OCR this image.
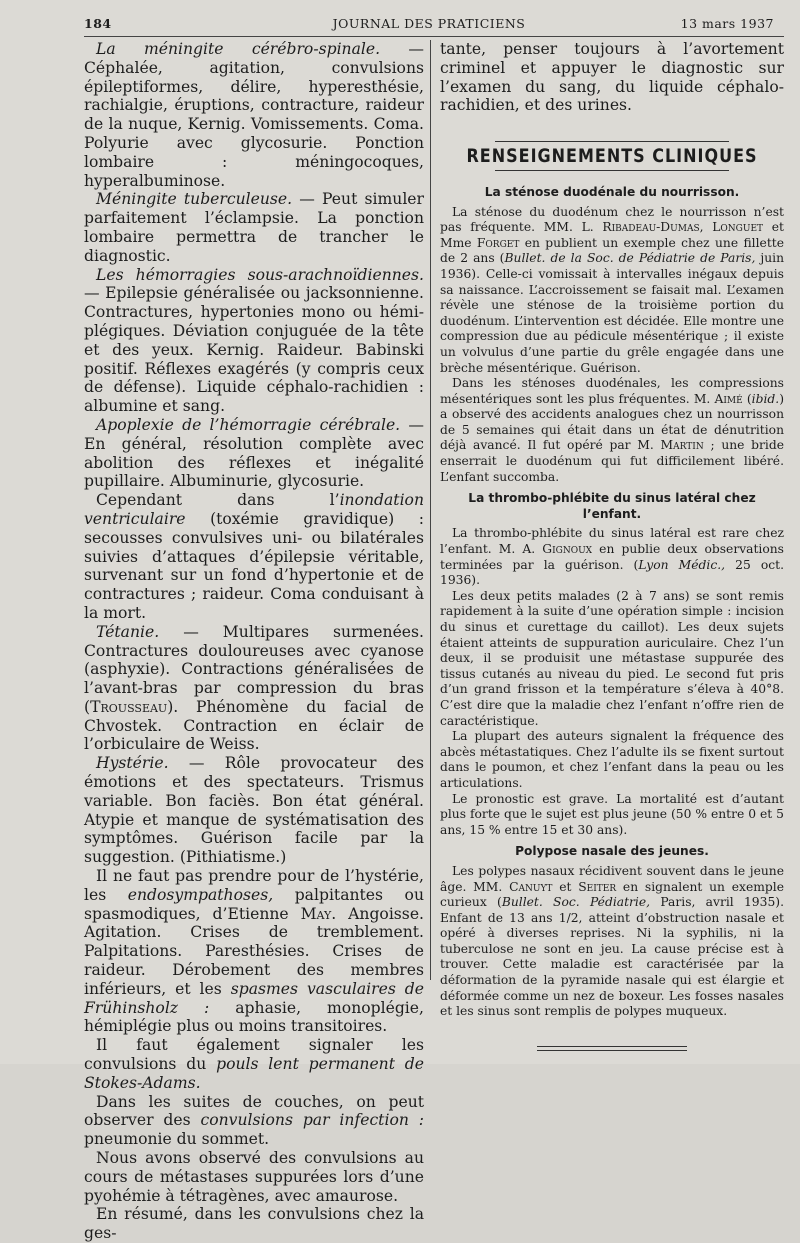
184	JOURNAL DES PRATICIENS	13 mars 1937

La méningite cérébro-spinale. — Céphalée, agitation, convulsions épileptiformes, délire, hyperesthésie, rachialgie, éruptions, contracture, raideur de la nuque, Kernig. Vomissements. Coma. Polyurie avec glycosurie. Ponction lombaire : méningocoques, hyperalbuminose.

Méningite tuberculeuse. — Peut simuler parfaitement l’éclampsie. La ponction lombaire permettra de trancher le diagnostic.

Les hémorragies sous-arachnoïdiennes. — Epilepsie généralisée ou jacksonnienne. Contractures, hypertonies mono ou hémi-plégiques. Déviation conjuguée de la tête et des yeux. Kernig. Raideur. Babinski positif. Réflexes exagérés (y compris ceux de défense). Liquide céphalo-rachidien : albumine et sang.

Apoplexie de l’hémorragie cérébrale. — En général, résolution complète avec abolition des réflexes et inégalité pupillaire. Albuminurie, glycosurie.

Cependant dans l’inondation ventriculaire (toxémie gravidique) : secousses convulsives uni- ou bilatérales suivies d’attaques d’épilepsie véritable, survenant sur un fond d’hypertonie et de contractures ; raideur. Coma conduisant à la mort.

Tétanie. — Multipares surmenées. Contractures douloureuses avec cyanose (asphyxie). Contractions généralisées de l’avant-bras par compression du bras (Trousseau). Phénomène du facial de Chvostek. Contraction en éclair de l’orbiculaire de Weiss.

Hystérie. — Rôle provocateur des émotions et des spectateurs. Trismus variable. Bon faciès. Bon état général. Atypie et manque de systématisation des symptômes. Guérison facile par la suggestion. (Pithiatisme.)

Il ne faut pas prendre pour de l’hystérie, les endosympathoses, palpitantes ou spasmodiques, d’Etienne May. Angoisse. Agitation. Crises de tremblement. Palpitations. Paresthésies. Crises de raideur. Dérobement des membres inférieurs, et les spasmes vasculaires de Frühinsholz : aphasie, monoplégie, hémiplégie plus ou moins transitoires.

Il faut également signaler les convulsions du pouls lent permanent de Stokes-Adams.

Dans les suites de couches, on peut observer des convulsions par infection : pneumonie du sommet.

Nous avons observé des convulsions au cours de métastases suppurées lors d’une pyohémie à tétragènes, avec amaurose.

En résumé, dans les convulsions chez la ges-

tante, penser toujours à l’avortement criminel et appuyer le diagnostic sur l’examen du sang, du liquide céphalo-rachidien, et des urines.

RENSEIGNEMENTS CLINIQUES
La sténose duodénale du nourrisson.

La sténose du duodénum chez le nourrisson n’est pas fréquente. MM. L. Ribadeau-Dumas, Longuet et Mme Forget en publient un exemple chez une fillette de 2 ans (Bullet. de la Soc. de Pédiatrie de Paris, juin 1936). Celle-ci vomissait à intervalles inégaux depuis sa naissance. L’accroissement se faisait mal. L’examen révèle une sténose de la troisième portion du duodénum. L’intervention est décidée. Elle montre une compression due au pédicule mésentérique ; il existe un volvulus d’une partie du grêle engagée dans une brèche mésentérique. Guérison.

Dans les sténoses duodénales, les compressions mésentériques sont les plus fréquentes. M. Aimé (ibid.) a observé des accidents analogues chez un nourrisson de 5 semaines qui était dans un état de dénutrition déjà avancé. Il fut opéré par M. Martin ; une bride enserrait le duodénum qui fut difficilement libéré. L’enfant succomba.

La thrombo-phlébite du sinus latéral chez l’enfant.

La thrombo-phlébite du sinus latéral est rare chez l’enfant. M. A. Gignoux en publie deux observations terminées par la guérison. (Lyon Médic., 25 oct. 1936).

Les deux petits malades (2 à 7 ans) se sont remis rapidement à la suite d’une opération simple : incision du sinus et curettage du caillot). Les deux sujets étaient atteints de suppuration auriculaire. Chez l’un deux, il se produisit une métastase suppurée des tissus cutanés au niveau du pied. Le second fut pris d’un grand frisson et la température s’éleva à 40°8. C’est dire que la maladie chez l’enfant n’offre rien de caractéristique.

La plupart des auteurs signalent la fréquence des abcès métastatiques. Chez l’adulte ils se fixent surtout dans le poumon, et chez l’enfant dans la peau ou les articulations.

Le pronostic est grave. La mortalité est d’autant plus forte que le sujet est plus jeune (50 % entre 0 et 5 ans, 15 % entre 15 et 30 ans).

Polypose nasale des jeunes.

Les polypes nasaux récidivent souvent dans le jeune âge. MM. Canuyt et Seiter en signalent un exemple curieux (Bullet. Soc. Pédiatrie, Paris, avril 1935). Enfant de 13 ans 1/2, atteint d’obstruction nasale et opéré à diverses reprises. Ni la syphilis, ni la tuberculose ne sont en jeu. La cause précise est à trouver. Cette maladie est caractérisée par la déformation de la pyramide nasale qui est élargie et déformée comme un nez de boxeur. Les fosses nasales et les sinus sont remplis de polypes muqueux.
